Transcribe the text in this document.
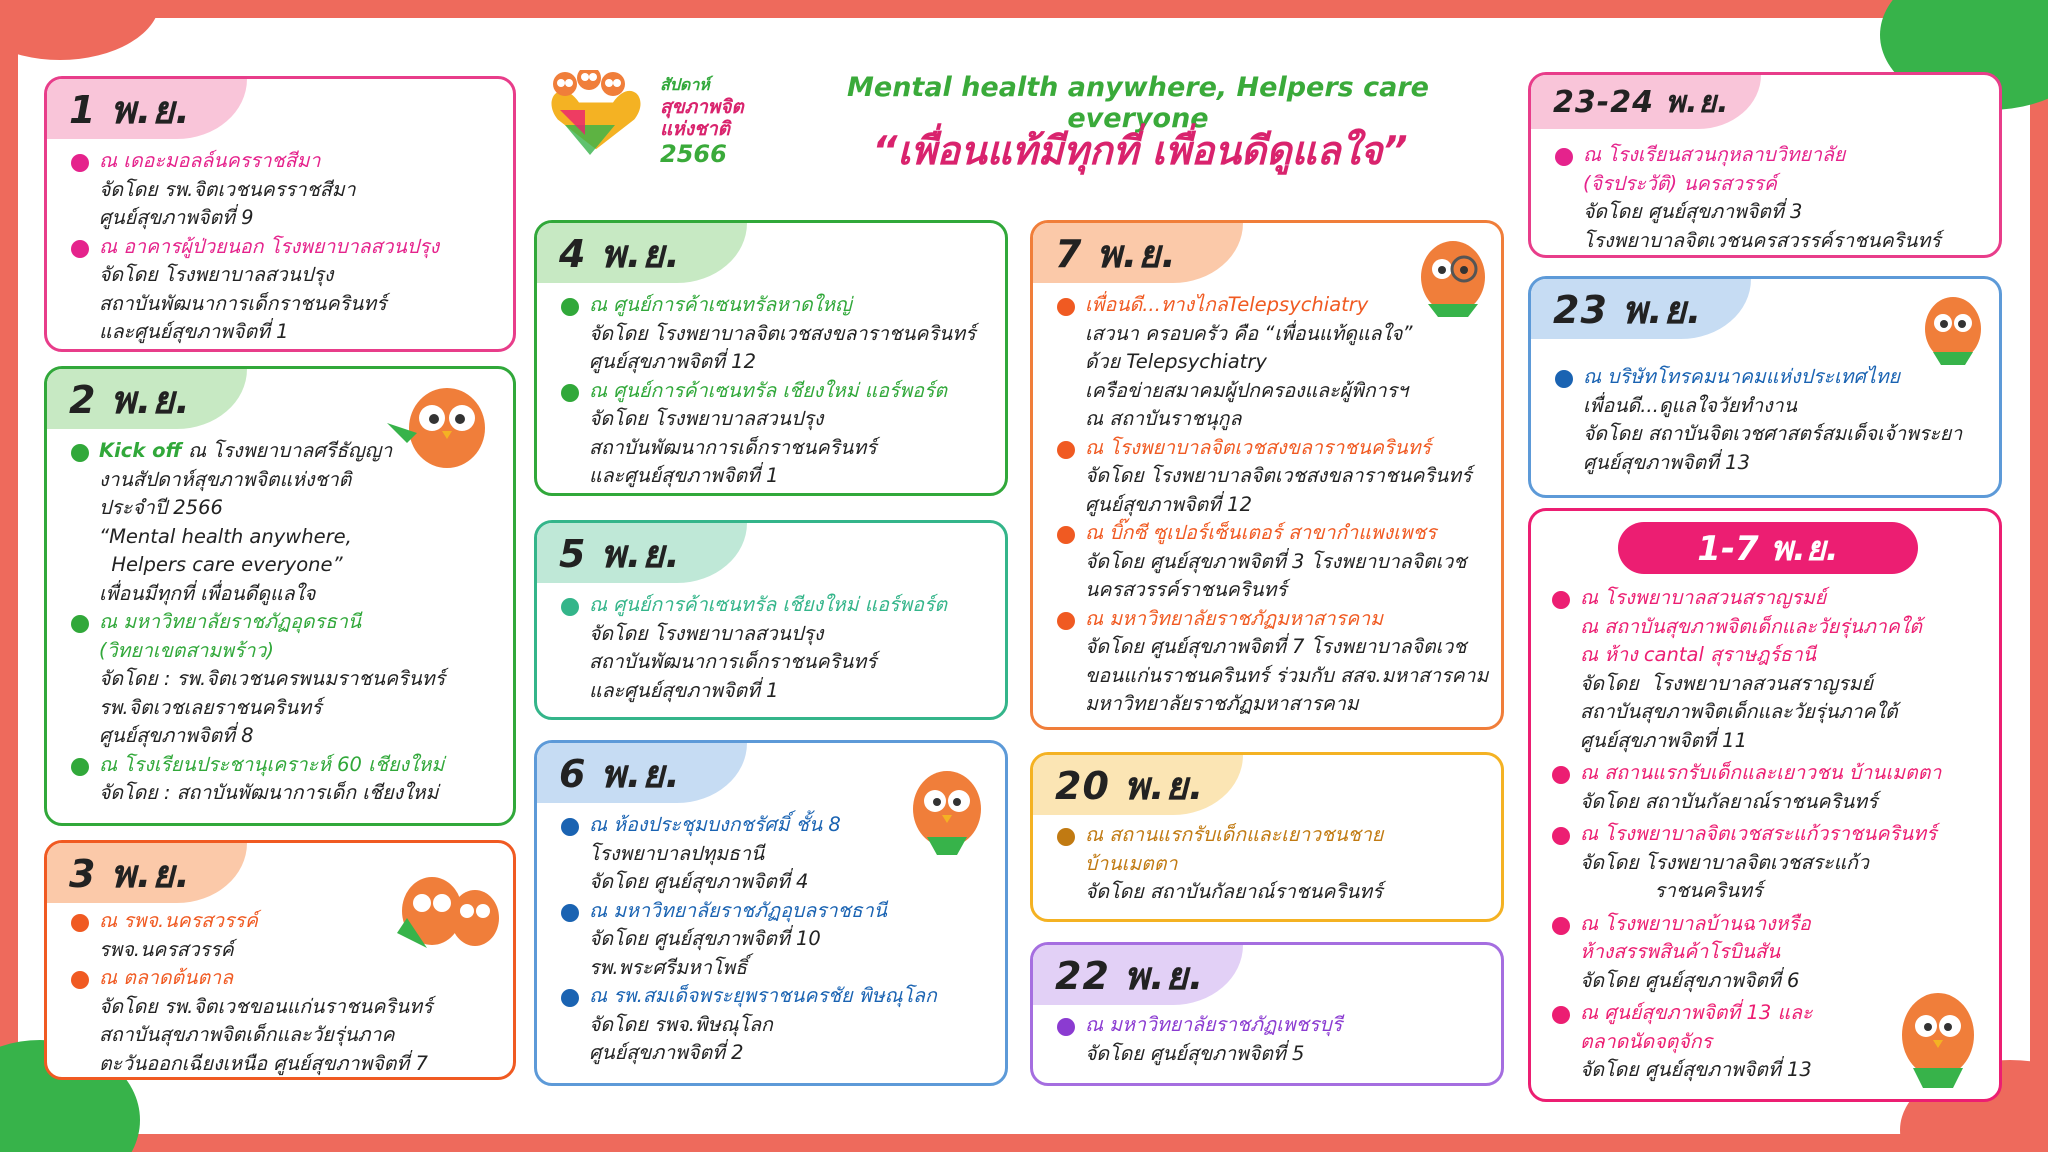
สัปดาห์
สุขภาพจิต
แห่งชาติ
2566
Mental health anywhere, Helpers care everyone
“เพื่อนแท้มีทุกที่ เพื่อนดีดูแลใจ”
1 พ.ย.
ณ เดอะมอลล์นครราชสีมา
จัดโดย รพ.จิตเวชนครราชสีมา
ศูนย์สุขภาพจิตที่ 9
ณ อาคารผู้ป่วยนอก โรงพยาบาลสวนปรุง
จัดโดย โรงพยาบาลสวนปรุง
สถาบันพัฒนาการเด็กราชนครินทร์
และศูนย์สุขภาพจิตที่ 1
2 พ.ย.
Kick off ณ โรงพยาบาลศรีธัญญา
งานสัปดาห์สุขภาพจิตแห่งชาติ
ประจำปี 2566
“Mental health anywhere,
Helpers care everyone”
เพื่อนมีทุกที่ เพื่อนดีดูแลใจ
ณ มหาวิทยาลัยราชภัฏอุดรธานี
(วิทยาเขตสามพร้าว)
จัดโดย : รพ.จิตเวชนครพนมราชนครินทร์
รพ.จิตเวชเลยราชนครินทร์
ศูนย์สุขภาพจิตที่ 8
ณ โรงเรียนประชานุเคราะห์ 60 เชียงใหม่
จัดโดย : สถาบันพัฒนาการเด็ก เชียงใหม่
3 พ.ย.
ณ รพจ.นครสวรรค์
รพจ.นครสวรรค์
ณ ตลาดต้นตาล
จัดโดย รพ.จิตเวชขอนแก่นราชนครินทร์
สถาบันสุขภาพจิตเด็กและวัยรุ่นภาค
ตะวันออกเฉียงเหนือ ศูนย์สุขภาพจิตที่ 7
4 พ.ย.
ณ ศูนย์การค้าเซนทรัลหาดใหญ่
จัดโดย โรงพยาบาลจิตเวชสงขลาราชนครินทร์
ศูนย์สุขภาพจิตที่ 12
ณ ศูนย์การค้าเซนทรัล เชียงใหม่ แอร์พอร์ต
จัดโดย โรงพยาบาลสวนปรุง
สถาบันพัฒนาการเด็กราชนครินทร์
และศูนย์สุขภาพจิตที่ 1
5 พ.ย.
ณ ศูนย์การค้าเซนทรัล เชียงใหม่ แอร์พอร์ต
จัดโดย โรงพยาบาลสวนปรุง
สถาบันพัฒนาการเด็กราชนครินทร์
และศูนย์สุขภาพจิตที่ 1
6 พ.ย.
ณ ห้องประชุมบงกชรัศมิ์ ชั้น 8
โรงพยาบาลปทุมธานี
จัดโดย ศูนย์สุขภาพจิตที่ 4
ณ มหาวิทยาลัยราชภัฏอุบลราชธานี
จัดโดย ศูนย์สุขภาพจิตที่ 10
รพ.พระศรีมหาโพธิ์
ณ รพ.สมเด็จพระยุพราชนครชัย พิษณุโลก
จัดโดย รพจ.พิษณุโลก
ศูนย์สุขภาพจิตที่ 2
7 พ.ย.
เพื่อนดี...ทางไกลTelepsychiatry
เสวนา ครอบครัว คือ “เพื่อนแท้ดูแลใจ”
ด้วย Telepsychiatry
เครือข่ายสมาคมผู้ปกครองและผู้พิการฯ
ณ สถาบันราชนุกูล
ณ โรงพยาบาลจิตเวชสงขลาราชนครินทร์
จัดโดย โรงพยาบาลจิตเวชสงขลาราชนครินทร์
ศูนย์สุขภาพจิตที่ 12
ณ บิ๊กซี ซูเปอร์เซ็นเตอร์ สาขากำแพงเพชร
จัดโดย ศูนย์สุขภาพจิตที่ 3 โรงพยาบาลจิตเวช
นครสวรรค์ราชนครินทร์
ณ มหาวิทยาลัยราชภัฏมหาสารคาม
จัดโดย ศูนย์สุขภาพจิตที่ 7 โรงพยาบาลจิตเวช
ขอนแก่นราชนครินทร์ ร่วมกับ สสจ.มหาสารคาม
มหาวิทยาลัยราชภัฏมหาสารคาม
20 พ.ย.
ณ สถานแรกรับเด็กและเยาวชนชาย
บ้านเมตตา
จัดโดย สถาบันกัลยาณ์ราชนครินทร์
22 พ.ย.
ณ มหาวิทยาลัยราชภัฏเพชรบุรี
จัดโดย ศูนย์สุขภาพจิตที่ 5
23-24 พ.ย.
ณ โรงเรียนสวนกุหลาบวิทยาลัย
(จิรประวัติ) นครสวรรค์
จัดโดย ศูนย์สุขภาพจิตที่ 3
โรงพยาบาลจิตเวชนครสวรรค์ราชนครินทร์
23 พ.ย.
ณ บริษัทโทรคมนาคมแห่งประเทศไทย
เพื่อนดี...ดูแลใจวัยทำงาน
จัดโดย สถาบันจิตเวชศาสตร์สมเด็จเจ้าพระยา
ศูนย์สุขภาพจิตที่ 13
1-7 พ.ย.
ณ โรงพยาบาลสวนสราญรมย์
ณ สถาบันสุขภาพจิตเด็กและวัยรุ่นภาคใต้
ณ ห้าง cantal สุราษฎร์ธานี
จัดโดย  โรงพยาบาลสวนสราญรมย์
สถาบันสุขภาพจิตเด็กและวัยรุ่นภาคใต้
ศูนย์สุขภาพจิตที่ 11
ณ สถานแรกรับเด็กและเยาวชน บ้านเมตตา
จัดโดย สถาบันกัลยาณ์ราชนครินทร์
ณ โรงพยาบาลจิตเวชสระแก้วราชนครินทร์
จัดโดย โรงพยาบาลจิตเวชสระแก้ว
ราชนครินทร์
ณ โรงพยาบาลบ้านฉางหรือ
ห้างสรรพสินค้าโรบินสัน
จัดโดย ศูนย์สุขภาพจิตที่ 6
ณ ศูนย์สุขภาพจิตที่ 13 และ
ตลาดนัดจตุจักร
จัดโดย ศูนย์สุขภาพจิตที่ 13
